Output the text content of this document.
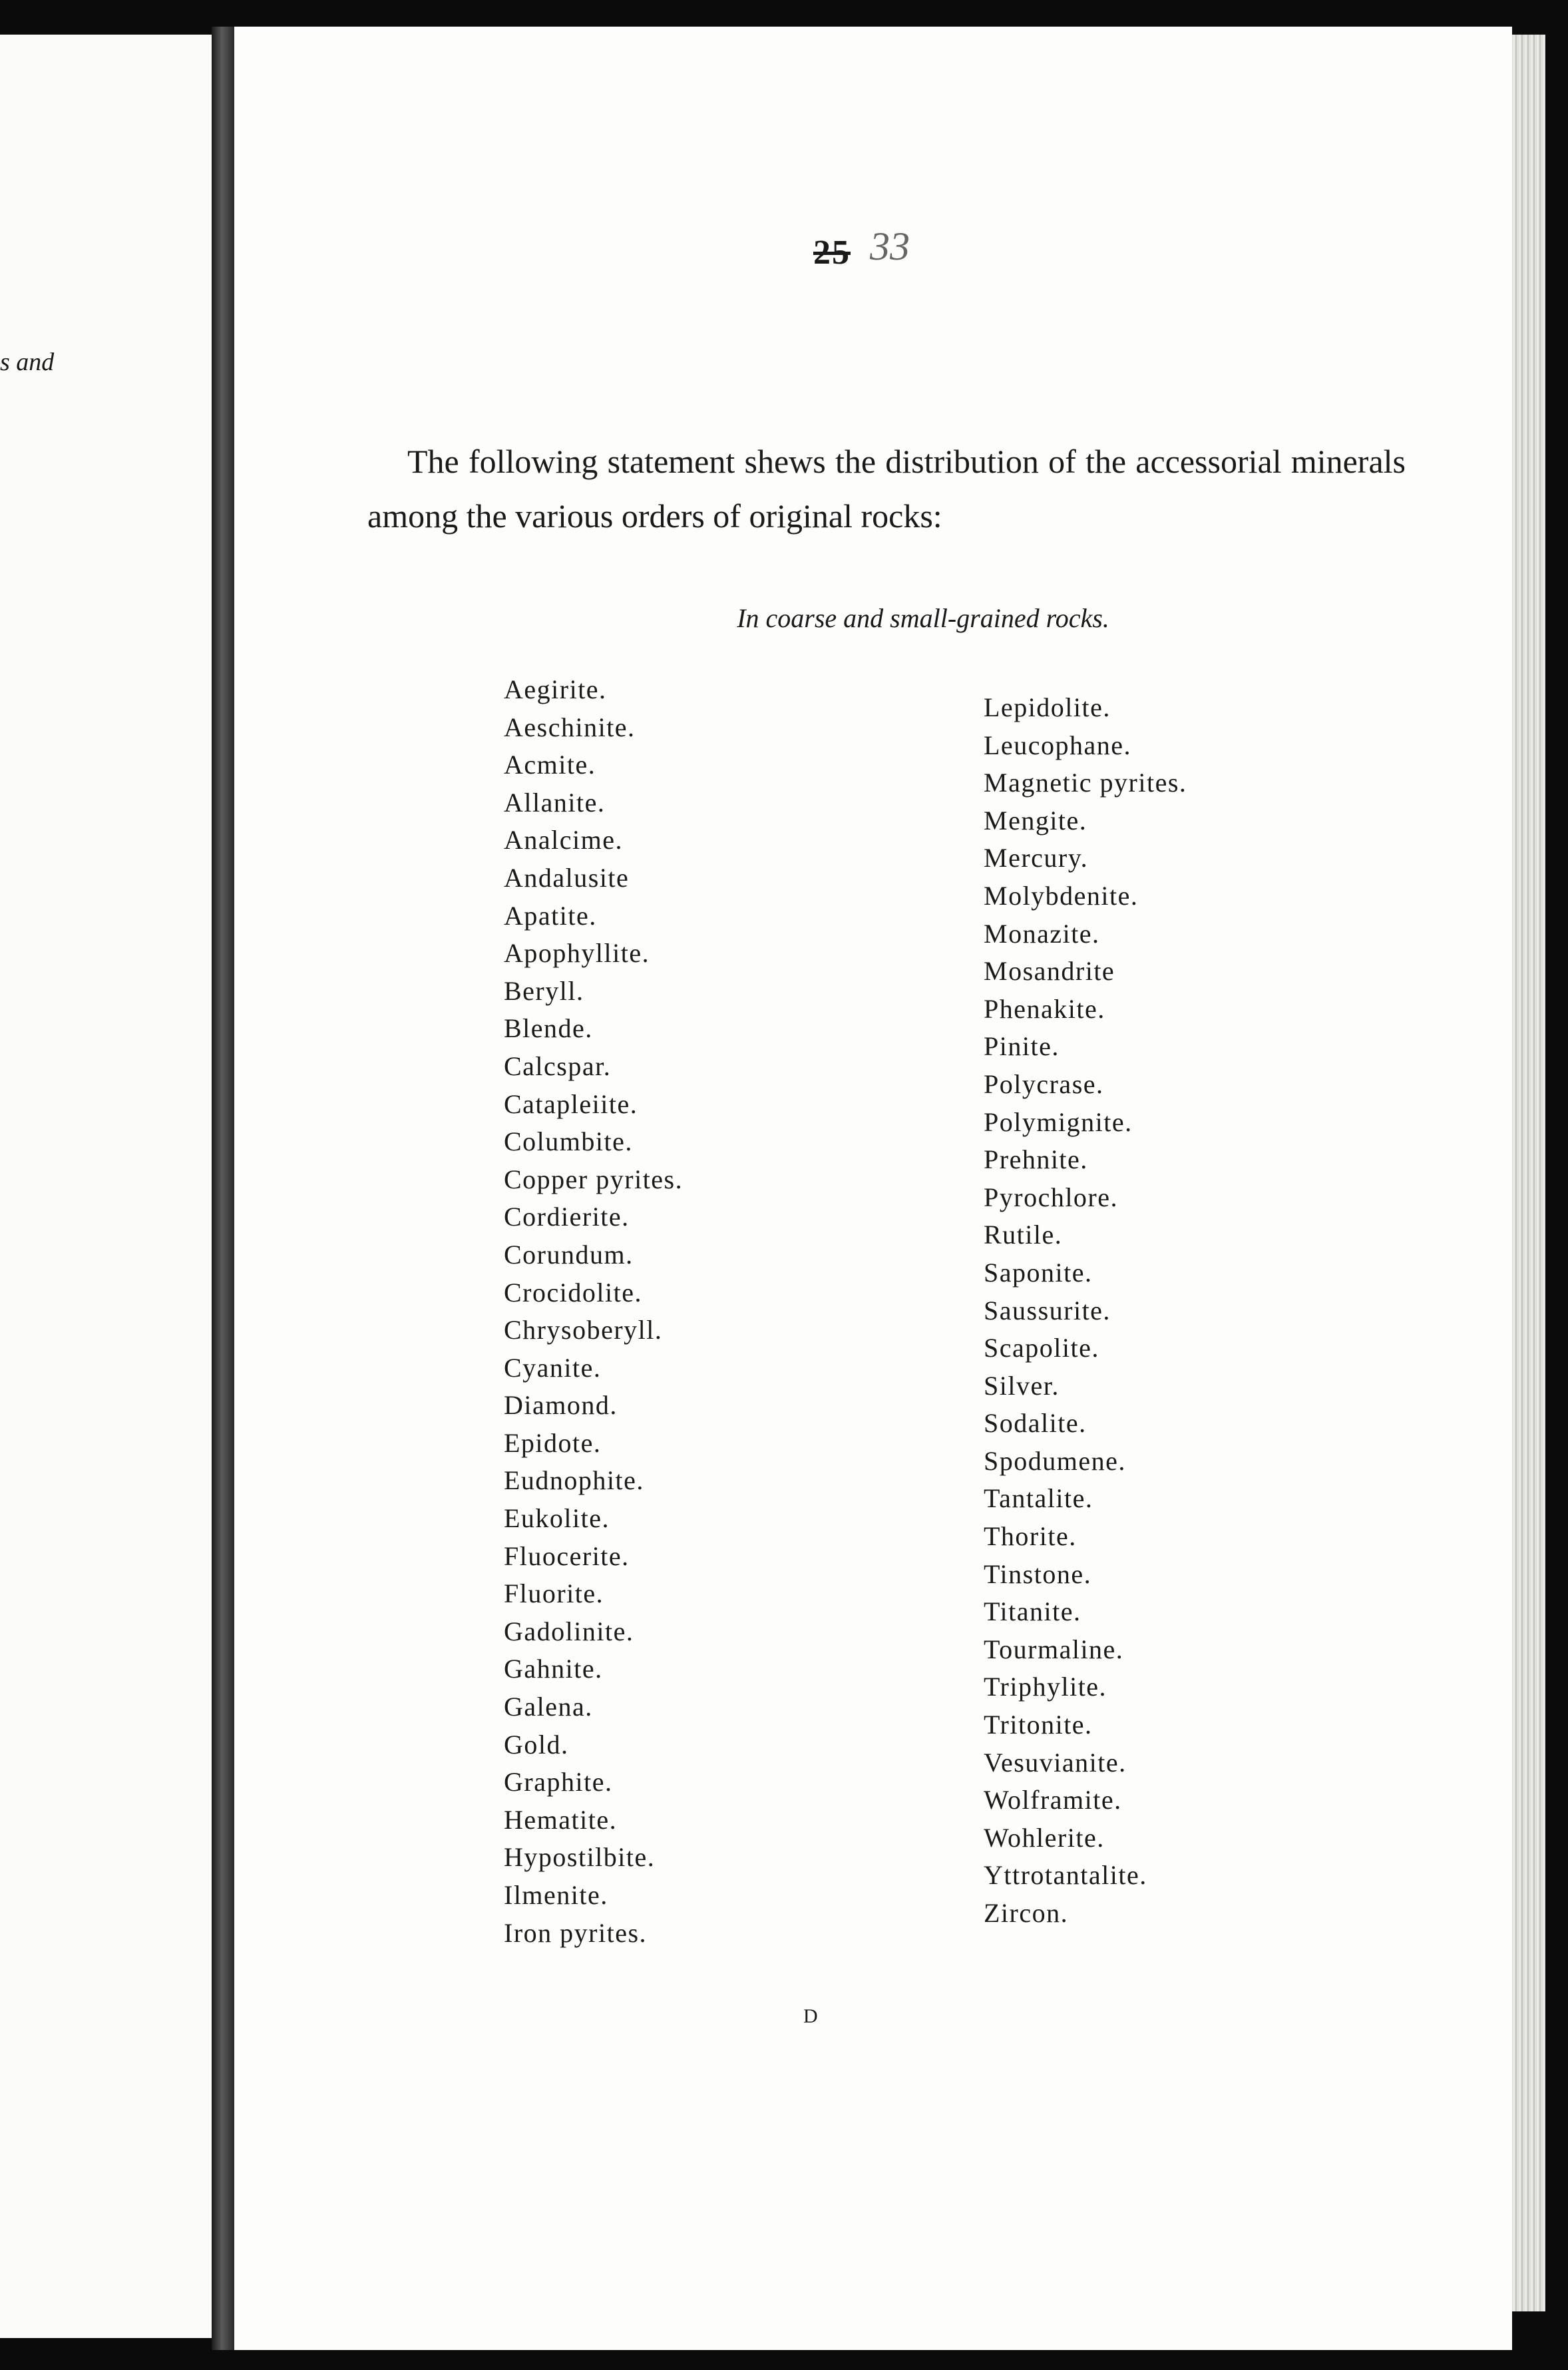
s and

25 33

The following statement shews the distribution of the accessorial minerals among the various orders of original rocks:

In coarse and small-grained rocks.

Aegirite.
Aeschinite.
Acmite.
Allanite.
Analcime.
Andalusite
Apatite.
Apophyllite.
Beryll.
Blende.
Calcspar.
Catapleiite.
Columbite.
Copper pyrites.
Cordierite.
Corundum.
Crocidolite.
Chrysoberyll.
Cyanite.
Diamond.
Epidote.
Eudnophite.
Eukolite.
Fluocerite.
Fluorite.
Gadolinite.
Gahnite.
Galena.
Gold.
Graphite.
Hematite.
Hypostilbite.
Ilmenite.
Iron pyrites.
Lepidolite.
Leucophane.
Magnetic pyrites.
Mengite.
Mercury.
Molybdenite.
Monazite.
Mosandrite
Phenakite.
Pinite.
Polycrase.
Polymignite.
Prehnite.
Pyrochlore.
Rutile.
Saponite.
Saussurite.
Scapolite.
Silver.
Sodalite.
Spodumene.
Tantalite.
Thorite.
Tinstone.
Titanite.
Tourmaline.
Triphylite.
Tritonite.
Vesuvianite.
Wolframite.
Wohlerite.
Yttrotantalite.
Zircon.
D
